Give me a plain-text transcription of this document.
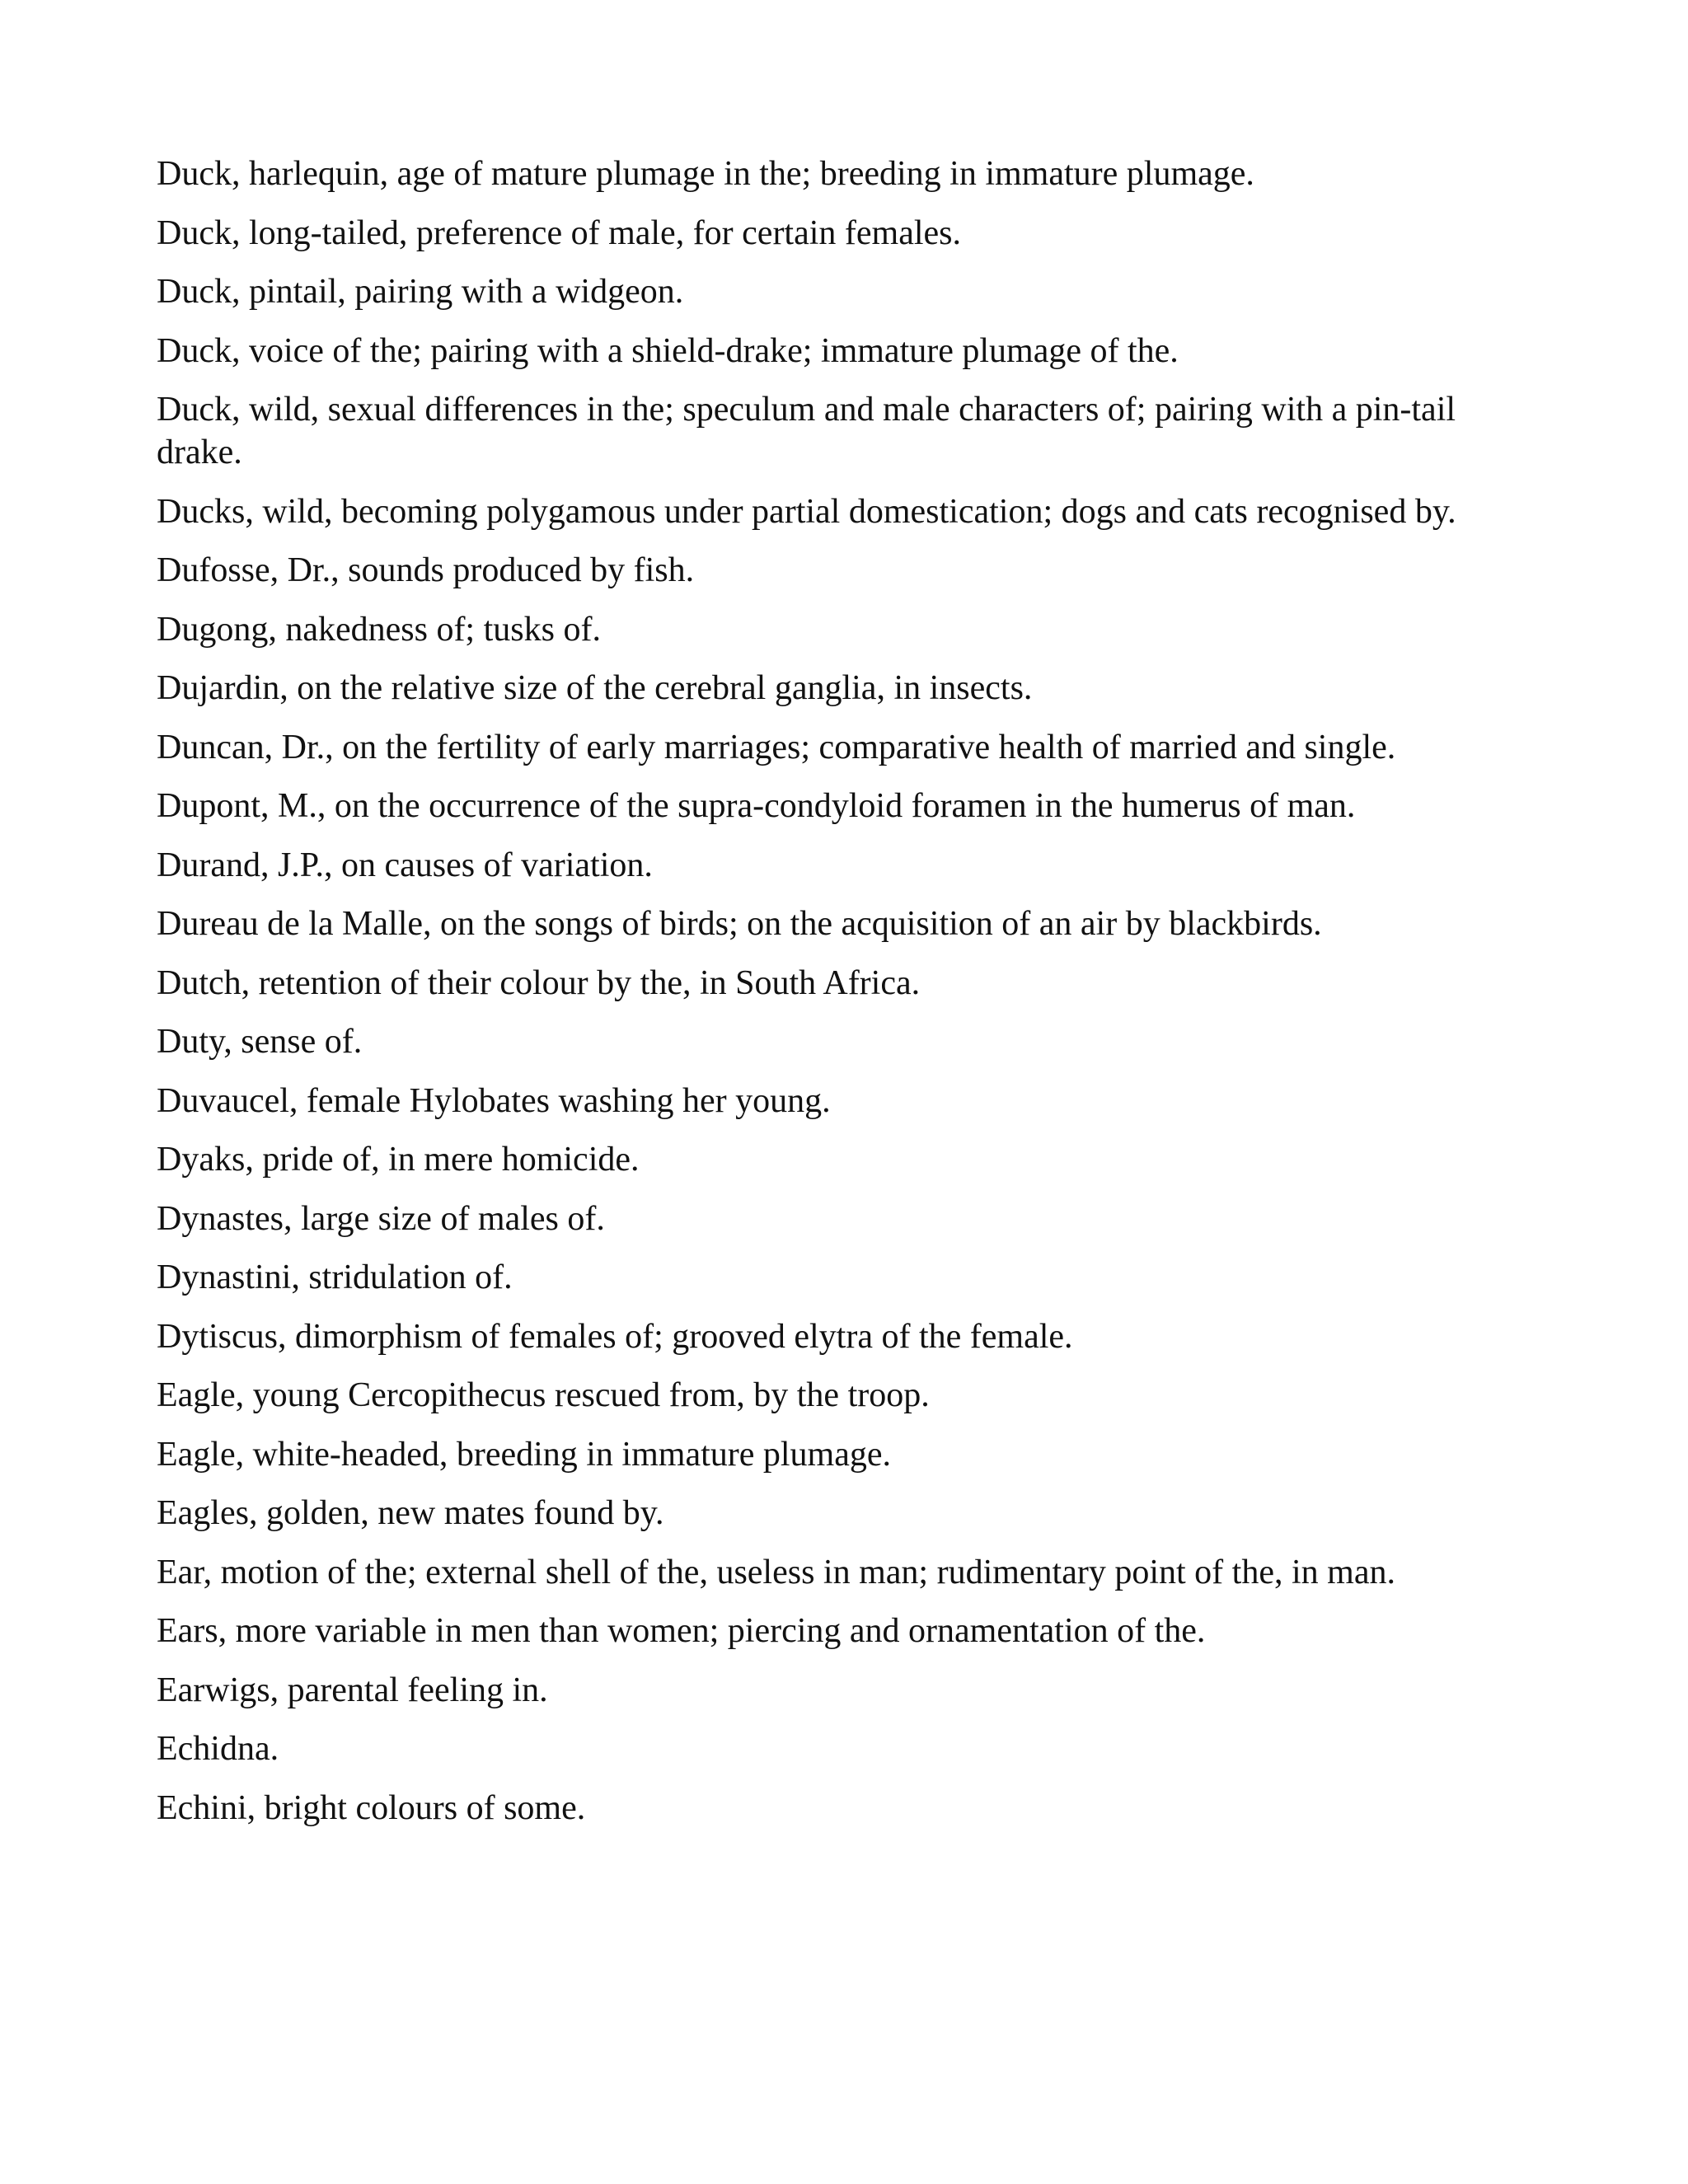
Duck, harlequin, age of mature plumage in the; breeding in immature plumage.
Duck, long-tailed, preference of male, for certain females.
Duck, pintail, pairing with a widgeon.
Duck, voice of the; pairing with a shield-drake; immature plumage of the.
Duck, wild, sexual differences in the; speculum and male characters of; pairing with a pin-tail drake.
Ducks, wild, becoming polygamous under partial domestication; dogs and cats recognised by.
Dufosse, Dr., sounds produced by fish.
Dugong, nakedness of; tusks of.
Dujardin, on the relative size of the cerebral ganglia, in insects.
Duncan, Dr., on the fertility of early marriages; comparative health of married and single.
Dupont, M., on the occurrence of the supra-condyloid foramen in the humerus of man.
Durand, J.P., on causes of variation.
Dureau de la Malle, on the songs of birds; on the acquisition of an air by blackbirds.
Dutch, retention of their colour by the, in South Africa.
Duty, sense of.
Duvaucel, female Hylobates washing her young.
Dyaks, pride of, in mere homicide.
Dynastes, large size of males of.
Dynastini, stridulation of.
Dytiscus, dimorphism of females of; grooved elytra of the female.
Eagle, young Cercopithecus rescued from, by the troop.
Eagle, white-headed, breeding in immature plumage.
Eagles, golden, new mates found by.
Ear, motion of the; external shell of the, useless in man; rudimentary point of the, in man.
Ears, more variable in men than women; piercing and ornamentation of the.
Earwigs, parental feeling in.
Echidna.
Echini, bright colours of some.
